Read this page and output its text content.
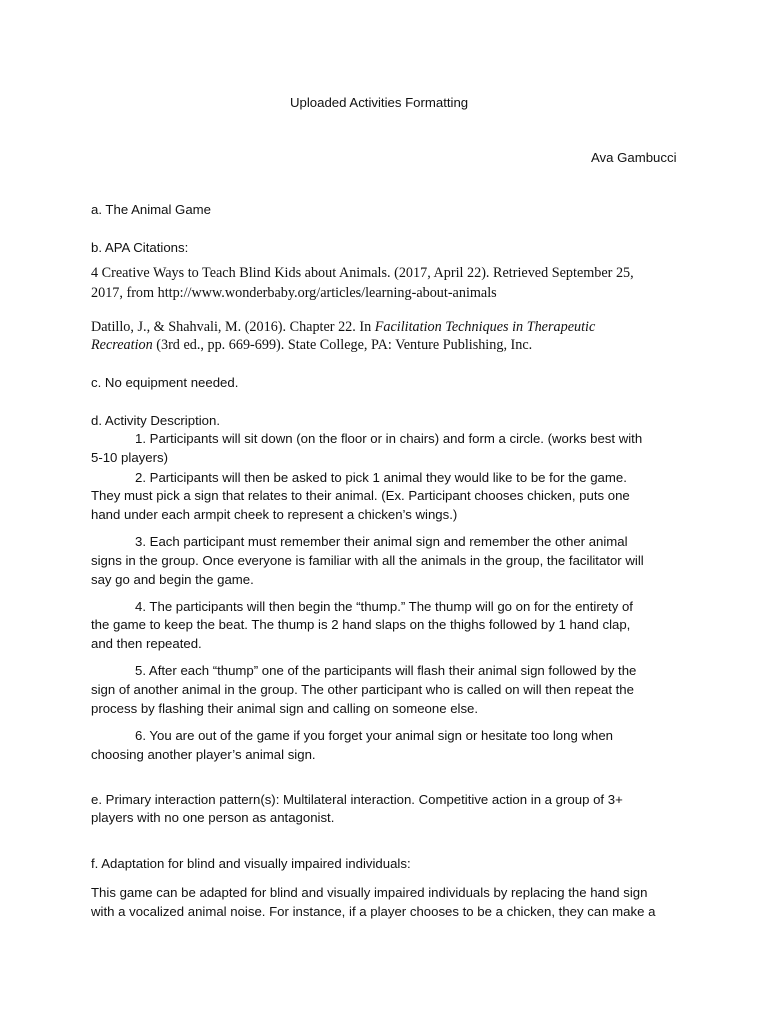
Uploaded Activities Formatting
Ava Gambucci
a. The Animal Game
b. APA Citations:
4 Creative Ways to Teach Blind Kids about Animals. (2017, April 22). Retrieved September 25,
2017, from http://www.wonderbaby.org/articles/learning-about-animals
Datillo, J., & Shahvali, M. (2016). Chapter 22. In Facilitation Techniques in Therapeutic
Recreation (3rd ed., pp. 669-699). State College, PA: Venture Publishing, Inc.
c. No equipment needed.
d. Activity Description.
1. Participants will sit down (on the floor or in chairs) and form a circle. (works best with
5-10 players)
2. Participants will then be asked to pick 1 animal they would like to be for the game.
They must pick a sign that relates to their animal. (Ex. Participant chooses chicken, puts one
hand under each armpit cheek to represent a chicken’s wings.)
3. Each participant must remember their animal sign and remember the other animal
signs in the group. Once everyone is familiar with all the animals in the group, the facilitator will
say go and begin the game.
4. The participants will then begin the “thump.” The thump will go on for the entirety of
the game to keep the beat. The thump is 2 hand slaps on the thighs followed by 1 hand clap,
and then repeated.
5. After each “thump” one of the participants will flash their animal sign followed by the
sign of another animal in the group. The other participant who is called on will then repeat the
process by flashing their animal sign and calling on someone else.
6. You are out of the game if you forget your animal sign or hesitate too long when
choosing another player’s animal sign.
e. Primary interaction pattern(s): Multilateral interaction. Competitive action in a group of 3+
players with no one person as antagonist.
f. Adaptation for blind and visually impaired individuals:
This game can be adapted for blind and visually impaired individuals by replacing the hand sign
with a vocalized animal noise. For instance, if a player chooses to be a chicken, they can make a
